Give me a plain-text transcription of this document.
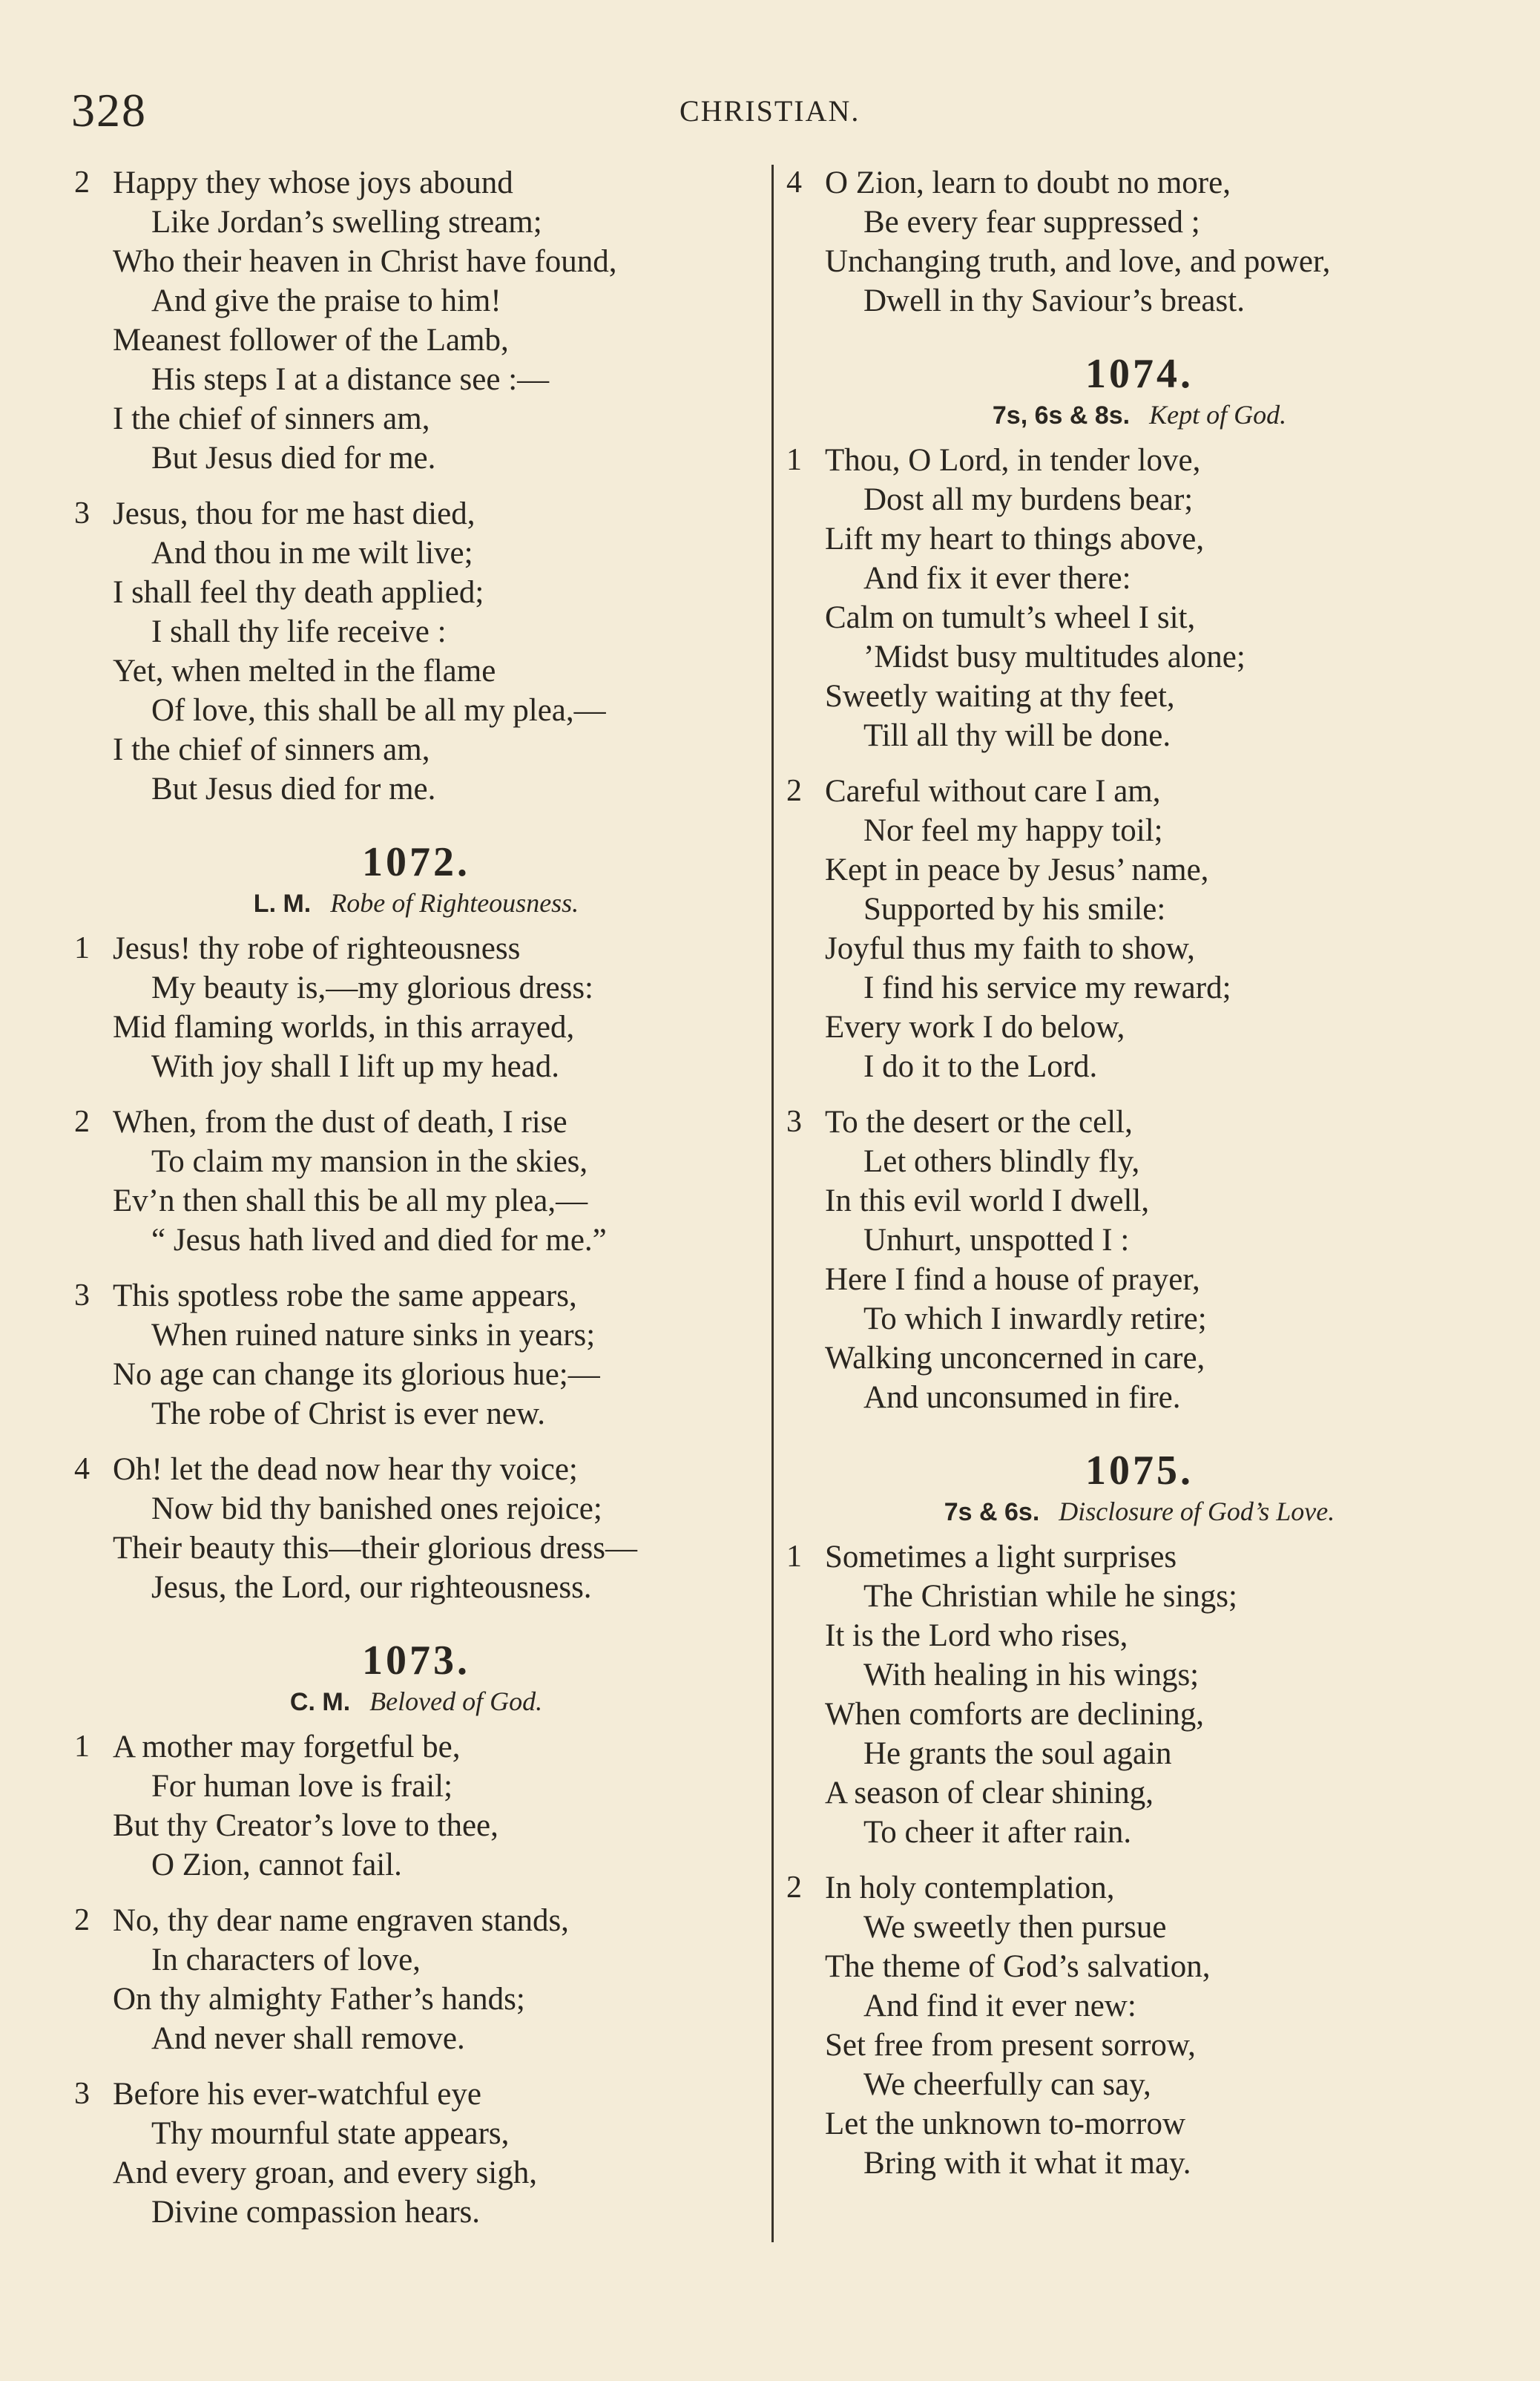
328	CHRISTIAN.
2 Happy they whose joys abound
Like Jordan’s swelling stream;
Who their heaven in Christ have found,
And give the praise to him!
Meanest follower of the Lamb,
His steps I at a distance see :—
I the chief of sinners am,
But Jesus died for me.
3 Jesus, thou for me hast died,
And thou in me wilt live;
I shall feel thy death applied;
I shall thy life receive :
Yet, when melted in the flame
Of love, this shall be all my plea,—
I the chief of sinners am,
But Jesus died for me.
1072.
L. M. Robe of Righteousness.
1 Jesus! thy robe of righteousness
My beauty is,—my glorious dress:
Mid flaming worlds, in this arrayed,
With joy shall I lift up my head.
2 When, from the dust of death, I rise
To claim my mansion in the skies,
Ev’n then shall this be all my plea,—
“ Jesus hath lived and died for me.”
3 This spotless robe the same appears,
When ruined nature sinks in years;
No age can change its glorious hue;—
The robe of Christ is ever new.
4 Oh! let the dead now hear thy voice;
Now bid thy banished ones rejoice;
Their beauty this—their glorious dress—
Jesus, the Lord, our righteousness.
1073.
C. M. Beloved of God.
1 A mother may forgetful be,
For human love is frail;
But thy Creator’s love to thee,
O Zion, cannot fail.
2 No, thy dear name engraven stands,
In characters of love,
On thy almighty Father’s hands;
And never shall remove.
3 Before his ever-watchful eye
Thy mournful state appears,
And every groan, and every sigh,
Divine compassion hears.
4 O Zion, learn to doubt no more,
Be every fear suppressed ;
Unchanging truth, and love, and power,
Dwell in thy Saviour’s breast.
1074.
7s, 6s & 8s. Kept of God.
1 Thou, O Lord, in tender love,
Dost all my burdens bear;
Lift my heart to things above,
And fix it ever there:
Calm on tumult’s wheel I sit,
’Midst busy multitudes alone;
Sweetly waiting at thy feet,
Till all thy will be done.
2 Careful without care I am,
Nor feel my happy toil;
Kept in peace by Jesus’ name,
Supported by his smile:
Joyful thus my faith to show,
I find his service my reward;
Every work I do below,
I do it to the Lord.
3 To the desert or the cell,
Let others blindly fly,
In this evil world I dwell,
Unhurt, unspotted I :
Here I find a house of prayer,
To which I inwardly retire;
Walking unconcerned in care,
And unconsumed in fire.
1075.
7s & 6s. Disclosure of God’s Love.
1 Sometimes a light surprises
The Christian while he sings;
It is the Lord who rises,
With healing in his wings;
When comforts are declining,
He grants the soul again
A season of clear shining,
To cheer it after rain.
2 In holy contemplation,
We sweetly then pursue
The theme of God’s salvation,
And find it ever new:
Set free from present sorrow,
We cheerfully can say,
Let the unknown to-morrow
Bring with it what it may.
